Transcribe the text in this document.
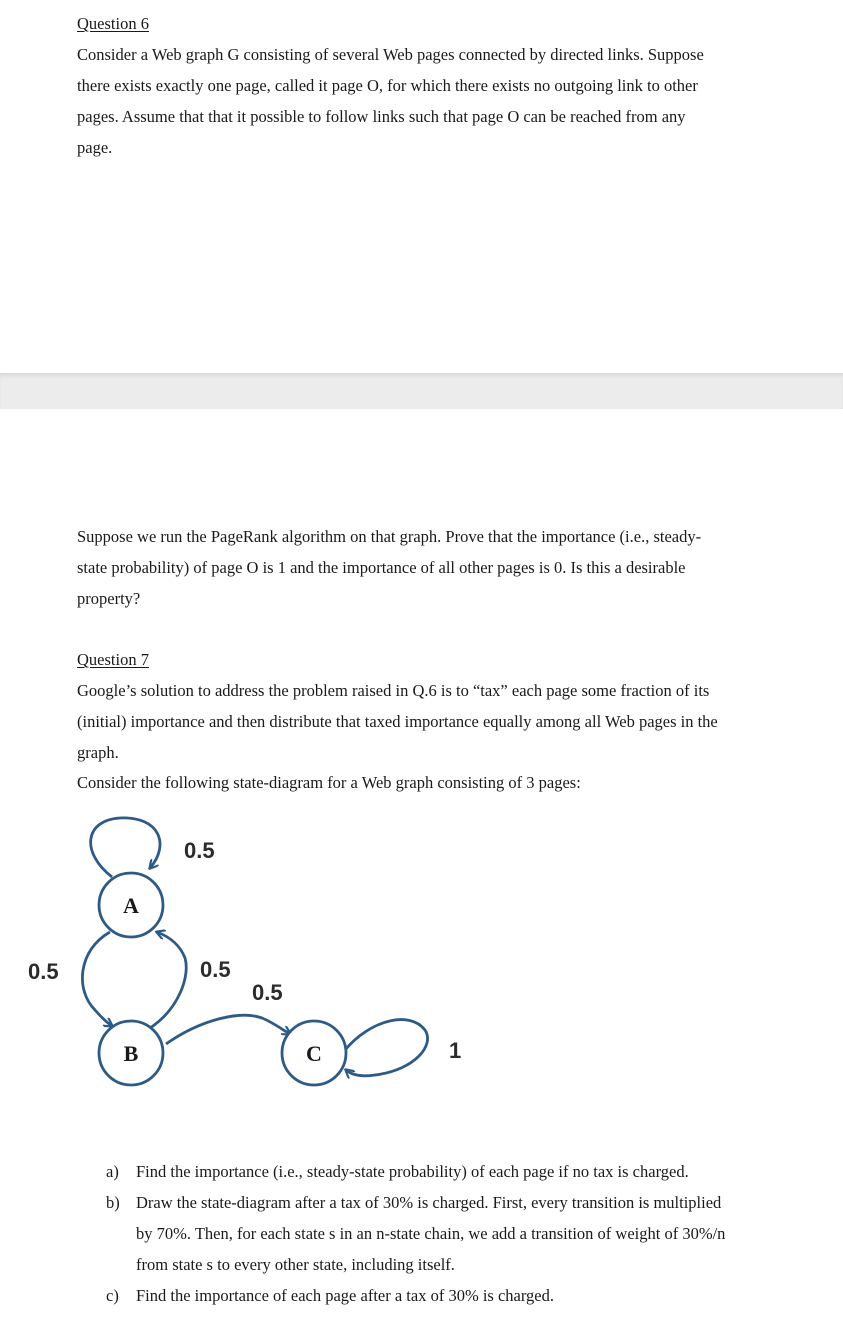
Question 6

Consider a Web graph G consisting of several Web pages connected by directed links. Suppose
there exists exactly one page, called it page O, for which there exists no outgoing link to other
pages. Assume that that it possible to follow links such that page O can be reached from any
page.

Suppose we run the PageRank algorithm on that graph. Prove that the importance (i.e., steady-
state probability) of page O is 1 and the importance of all other pages is 0. Is this a desirable
property?

Question 7

Google’s solution to address the problem raised in Q.6 is to “tax” each page some fraction of its
(initial) importance and then distribute that taxed importance equally among all Web pages in the
graph.

Consider the following state-diagram for a Web graph consisting of 3 pages:

A
B	C
0.5
0.5	0.5
0.5
1
a) Find the importance (i.e., steady-state probability) of each page if no tax is charged.
b) Draw the state-diagram after a tax of 30% is charged. First, every transition is multiplied
by 70%. Then, for each state s in an n-state chain, we add a transition of weight of 30%/n
from state s to every other state, including itself.
c) Find the importance of each page after a tax of 30% is charged.
